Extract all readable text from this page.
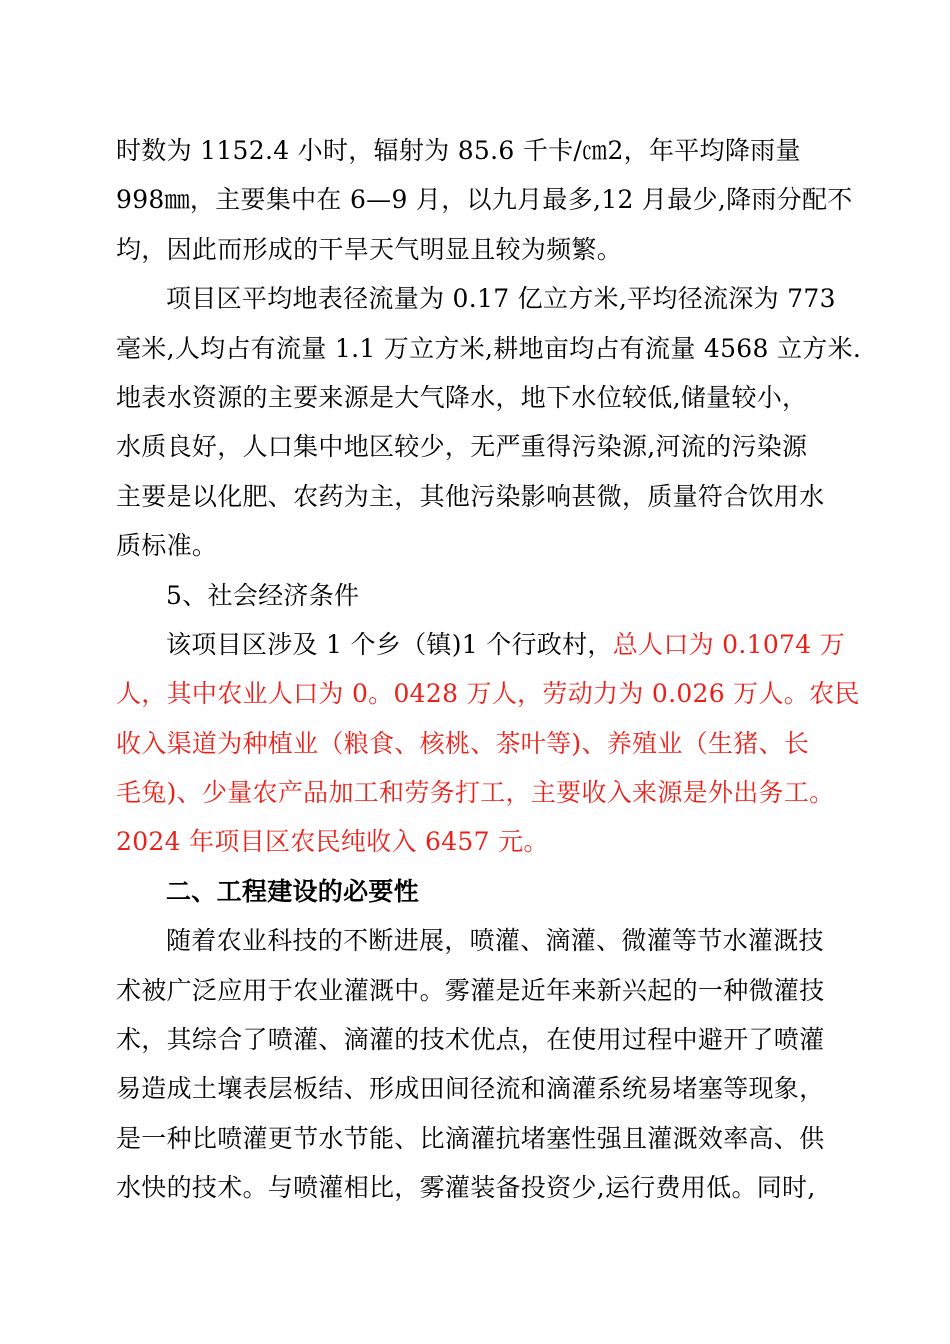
时数为 1152.4 小时，辐射为 85.6 千卡/㎝2，年平均降雨量
998㎜，主要集中在 6—9 月，以九月最多,12 月最少,降雨分配不
均，因此而形成的干旱天气明显且较为频繁。
项目区平均地表径流量为 0.17 亿立方米,平均径流深为 773
毫米,人均占有流量 1.1 万立方米,耕地亩均占有流量 4568 立方米.
地表水资源的主要来源是大气降水，地下水位较低,储量较小，
水质良好，人口集中地区较少，无严重得污染源,河流的污染源
主要是以化肥、农药为主，其他污染影响甚微，质量符合饮用水
质标准。
5、社会经济条件
该项目区涉及 1 个乡（镇)1 个行政村，总人口为 0.1074 万
人，其中农业人口为 0。0428 万人，劳动力为 0.026 万人。农民
收入渠道为种植业（粮食、核桃、茶叶等)、养殖业（生猪、长
毛兔)、少量农产品加工和劳务打工，主要收入来源是外出务工。
2024 年项目区农民纯收入 6457 元。
二、工程建设的必要性
随着农业科技的不断进展，喷灌、滴灌、微灌等节水灌溉技
术被广泛应用于农业灌溉中。雾灌是近年来新兴起的一种微灌技
术，其综合了喷灌、滴灌的技术优点，在使用过程中避开了喷灌
易造成土壤表层板结、形成田间径流和滴灌系统易堵塞等现象，
是一种比喷灌更节水节能、比滴灌抗堵塞性强且灌溉效率高、供
水快的技术。与喷灌相比，雾灌装备投资少,运行费用低。同时,
